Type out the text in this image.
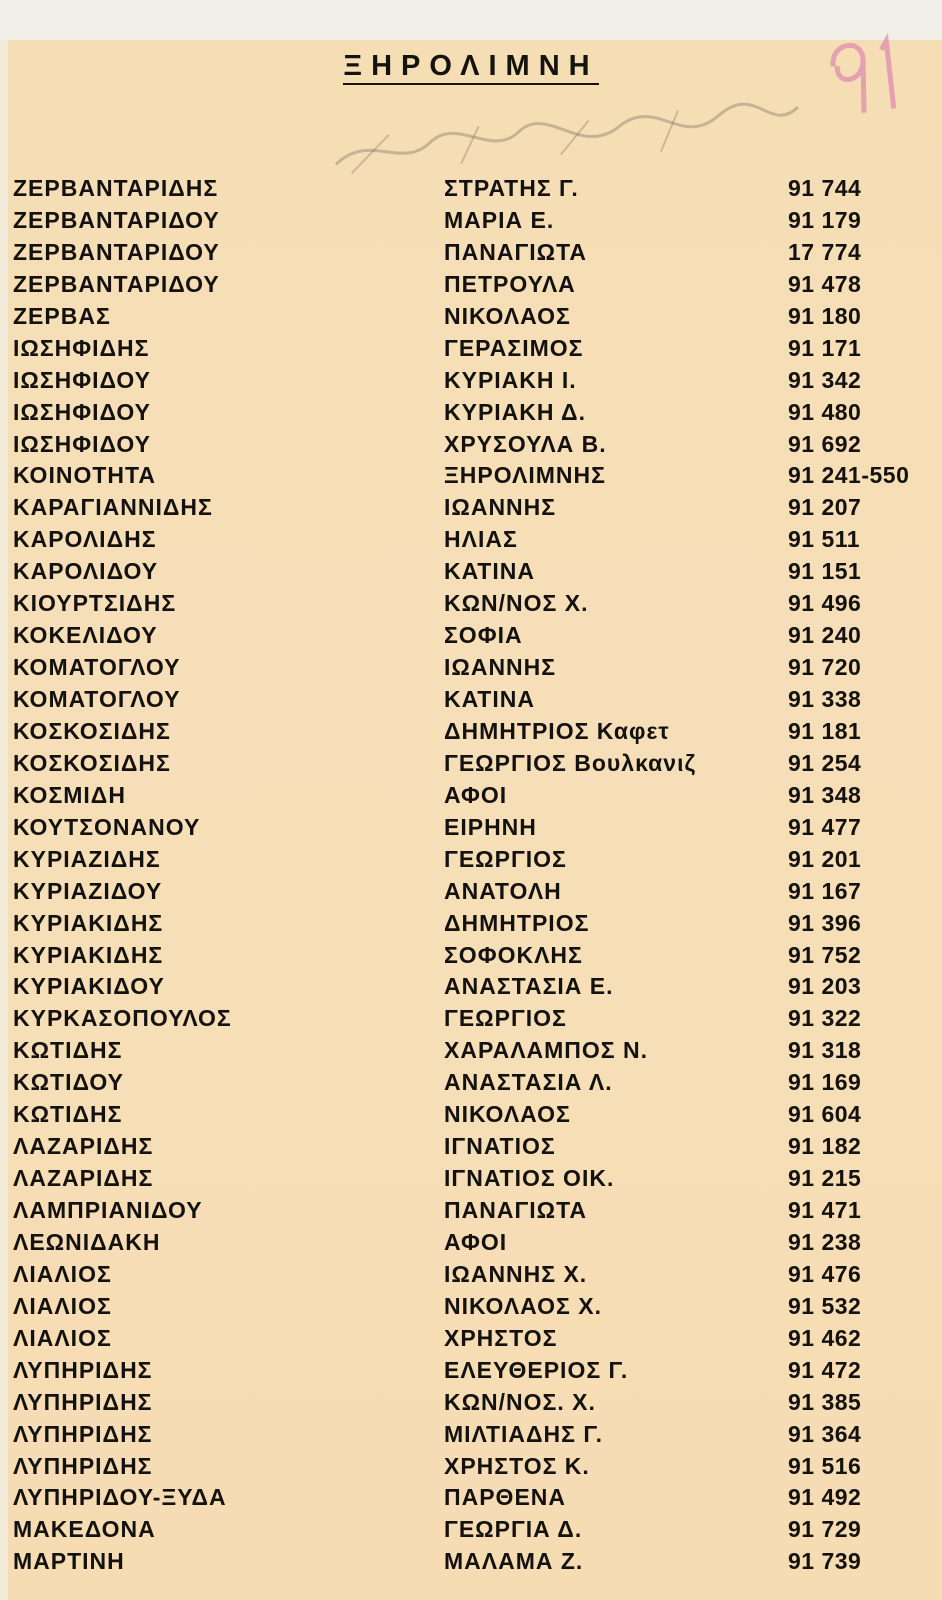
ΞΗΡΟΛΙΜΝΗ
ΖΕΡΒΑΝΤΑΡΙΔΗΣ	ΣΤΡΑΤΗΣ Γ.	91 744
ΖΕΡΒΑΝΤΑΡΙΔΟΥ	ΜΑΡΙΑ Ε.	91 179
ΖΕΡΒΑΝΤΑΡΙΔΟΥ	ΠΑΝΑΓΙΩΤΑ	17 774
ΖΕΡΒΑΝΤΑΡΙΔΟΥ	ΠΕΤΡΟΥΛΑ	91 478
ΖΕΡΒΑΣ	ΝΙΚΟΛΑΟΣ	91 180
ΙΩΣΗΦΙΔΗΣ	ΓΕΡΑΣΙΜΟΣ	91 171
ΙΩΣΗΦΙΔΟΥ	ΚΥΡΙΑΚΗ Ι.	91 342
ΙΩΣΗΦΙΔΟΥ	ΚΥΡΙΑΚΗ Δ.	91 480
ΙΩΣΗΦΙΔΟΥ	ΧΡΥΣΟΥΛΑ Β.	91 692
ΚΟΙΝΟΤΗΤΑ	ΞΗΡΟΛΙΜΝΗΣ	91 241-550
ΚΑΡΑΓΙΑΝΝΙΔΗΣ	ΙΩΑΝΝΗΣ	91 207
ΚΑΡΟΛΙΔΗΣ	ΗΛΙΑΣ	91 511
ΚΑΡΟΛΙΔΟΥ	ΚΑΤΙΝΑ	91 151
ΚΙΟΥΡΤΣΙΔΗΣ	ΚΩΝ/ΝΟΣ Χ.	91 496
ΚΟΚΕΛΙΔΟΥ	ΣΟΦΙΑ	91 240
ΚΟΜΑΤΟΓΛΟΥ	ΙΩΑΝΝΗΣ	91 720
ΚΟΜΑΤΟΓΛΟΥ	ΚΑΤΙΝΑ	91 338
ΚΟΣΚΟΣΙΔΗΣ	ΔΗΜΗΤΡΙΟΣ Καφετ	91 181
ΚΟΣΚΟΣΙΔΗΣ	ΓΕΩΡΓΙΟΣ Βουλκανιζ	91 254
ΚΟΣΜΙΔΗ	ΑΦΟΙ	91 348
ΚΟΥΤΣΟΝΑΝΟΥ	ΕΙΡΗΝΗ	91 477
ΚΥΡΙΑΖΙΔΗΣ	ΓΕΩΡΓΙΟΣ	91 201
ΚΥΡΙΑΖΙΔΟΥ	ΑΝΑΤΟΛΗ	91 167
ΚΥΡΙΑΚΙΔΗΣ	ΔΗΜΗΤΡΙΟΣ	91 396
ΚΥΡΙΑΚΙΔΗΣ	ΣΟΦΟΚΛΗΣ	91 752
ΚΥΡΙΑΚΙΔΟΥ	ΑΝΑΣΤΑΣΙΑ Ε.	91 203
ΚΥΡΚΑΣΟΠΟΥΛΟΣ	ΓΕΩΡΓΙΟΣ	91 322
ΚΩΤΙΔΗΣ	ΧΑΡΑΛΑΜΠΟΣ Ν.	91 318
ΚΩΤΙΔΟΥ	ΑΝΑΣΤΑΣΙΑ Λ.	91 169
ΚΩΤΙΔΗΣ	ΝΙΚΟΛΑΟΣ	91 604
ΛΑΖΑΡΙΔΗΣ	ΙΓΝΑΤΙΟΣ	91 182
ΛΑΖΑΡΙΔΗΣ	ΙΓΝΑΤΙΟΣ ΟΙΚ.	91 215
ΛΑΜΠΡΙΑΝΙΔΟΥ	ΠΑΝΑΓΙΩΤΑ	91 471
ΛΕΩΝΙΔΑΚΗ	ΑΦΟΙ	91 238
ΛΙΑΛΙΟΣ	ΙΩΑΝΝΗΣ Χ.	91 476
ΛΙΑΛΙΟΣ	ΝΙΚΟΛΑΟΣ Χ.	91 532
ΛΙΑΛΙΟΣ	ΧΡΗΣΤΟΣ	91 462
ΛΥΠΗΡΙΔΗΣ	ΕΛΕΥΘΕΡΙΟΣ Γ.	91 472
ΛΥΠΗΡΙΔΗΣ	ΚΩΝ/ΝΟΣ. Χ.	91 385
ΛΥΠΗΡΙΔΗΣ	ΜΙΛΤΙΑΔΗΣ Γ.	91 364
ΛΥΠΗΡΙΔΗΣ	ΧΡΗΣΤΟΣ Κ.	91 516
ΛΥΠΗΡΙΔΟΥ-ΞΥΔΑ	ΠΑΡΘΕΝΑ	91 492
ΜΑΚΕΔΟΝΑ	ΓΕΩΡΓΙΑ Δ.	91 729
ΜΑΡΤΙΝΗ	ΜΑΛΑΜΑ Ζ.	91 739
